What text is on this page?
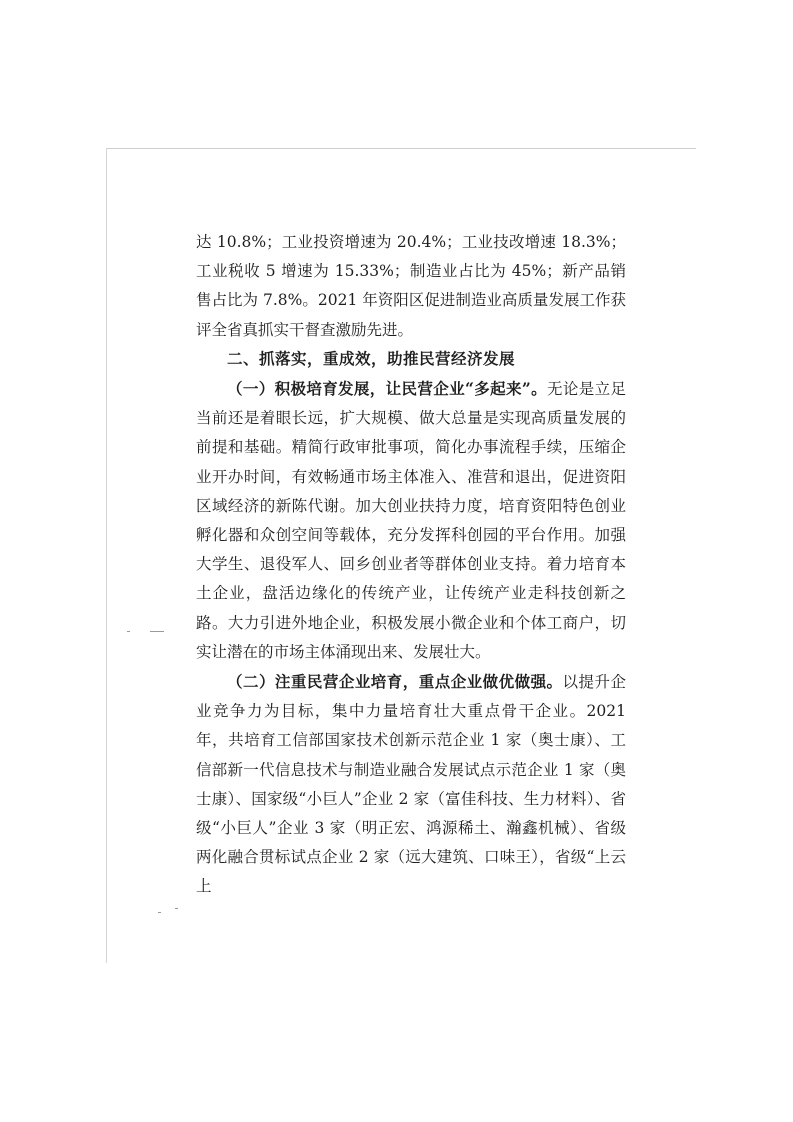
达 10.8%；工业投资增速为 20.4%；工业技改增速 18.3%；工业税收 5 增速为 15.33%；制造业占比为 45%；新产品销售占比为 7.8%。2021 年资阳区促进制造业高质量发展工作获评全省真抓实干督查激励先进。

二、抓落实，重成效，助推民营经济发展

（一）积极培育发展，让民营企业“多起来”。无论是立足当前还是着眼长远，扩大规模、做大总量是实现高质量发展的前提和基础。精简行政审批事项，简化办事流程手续，压缩企业开办时间，有效畅通市场主体准入、准营和退出，促进资阳区域经济的新陈代谢。加大创业扶持力度，培育资阳特色创业孵化器和众创空间等载体，充分发挥科创园的平台作用。加强大学生、退役军人、回乡创业者等群体创业支持。着力培育本土企业，盘活边缘化的传统产业，让传统产业走科技创新之路。大力引进外地企业，积极发展小微企业和个体工商户，切实让潜在的市场主体涌现出来、发展壮大。

（二）注重民营企业培育，重点企业做优做强。以提升企业竞争力为目标，集中力量培育壮大重点骨干企业。2021 年，共培育工信部国家技术创新示范企业 1 家（奥士康）、工信部新一代信息技术与制造业融合发展试点示范企业 1 家（奥士康）、国家级“小巨人”企业 2 家（富佳科技、生力材料）、省级“小巨人”企业 3 家（明正宏、鸿源稀土、瀚鑫机械）、省级两化融合贯标试点企业 2 家（远大建筑、口味王），省级“上云上
